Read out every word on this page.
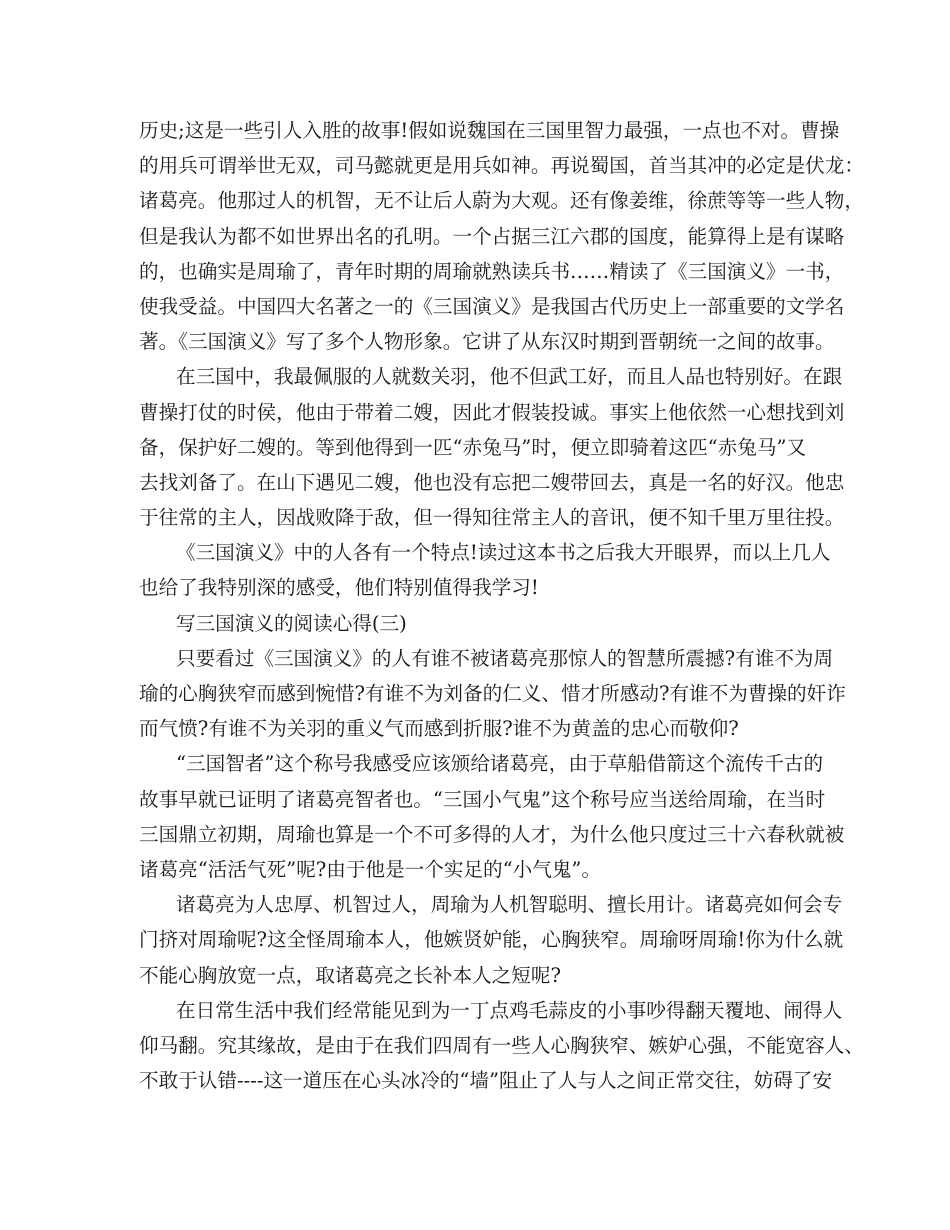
历史;这是一些引人入胜的故事!假如说魏国在三国里智力最强，一点也不对。曹操
的用兵可谓举世无双，司马懿就更是用兵如神。再说蜀国，首当其冲的必定是伏龙：
诸葛亮。他那过人的机智，无不让后人蔚为大观。还有像姜维，徐蔗等等一些人物，
但是我认为都不如世界出名的孔明。一个占据三江六郡的国度，能算得上是有谋略
的，也确实是周瑜了，青年时期的周瑜就熟读兵书……精读了《三国演义》一书，
使我受益。中国四大名著之一的《三国演义》是我国古代历史上一部重要的文学名
著。《三国演义》写了多个人物形象。它讲了从东汉时期到晋朝统一之间的故事。
在三国中，我最佩服的人就数关羽，他不但武工好，而且人品也特别好。在跟
曹操打仗的时侯，他由于带着二嫂，因此才假装投诚。事实上他依然一心想找到刘
备，保护好二嫂的。等到他得到一匹“赤兔马”时，便立即骑着这匹“赤兔马”又
去找刘备了。在山下遇见二嫂，他也没有忘把二嫂带回去，真是一名的好汉。他忠
于往常的主人，因战败降于敌，但一得知往常主人的音讯，便不知千里万里往投。
《三国演义》中的人各有一个特点!读过这本书之后我大开眼界，而以上几人
也给了我特别深的感受，他们特别值得我学习!
写三国演义的阅读心得(三)
只要看过《三国演义》的人有谁不被诸葛亮那惊人的智慧所震撼?有谁不为周
瑜的心胸狭窄而感到惋惜?有谁不为刘备的仁义、惜才所感动?有谁不为曹操的奸诈
而气愤?有谁不为关羽的重义气而感到折服?谁不为黄盖的忠心而敬仰?
“三国智者”这个称号我感受应该颁给诸葛亮，由于草船借箭这个流传千古的
故事早就已证明了诸葛亮智者也。“三国小气鬼”这个称号应当送给周瑜，在当时
三国鼎立初期，周瑜也算是一个不可多得的人才，为什么他只度过三十六春秋就被
诸葛亮“活活气死”呢?由于他是一个实足的“小气鬼”。
诸葛亮为人忠厚、机智过人，周瑜为人机智聪明、擅长用计。诸葛亮如何会专
门挤对周瑜呢?这全怪周瑜本人，他嫉贤妒能，心胸狭窄。周瑜呀周瑜!你为什么就
不能心胸放宽一点，取诸葛亮之长补本人之短呢?
在日常生活中我们经常能见到为一丁点鸡毛蒜皮的小事吵得翻天覆地、闹得人
仰马翻。究其缘故，是由于在我们四周有一些人心胸狭窄、嫉妒心强，不能宽容人、
不敢于认错----这一道压在心头冰冷的“墙”阻止了人与人之间正常交往，妨碍了安
